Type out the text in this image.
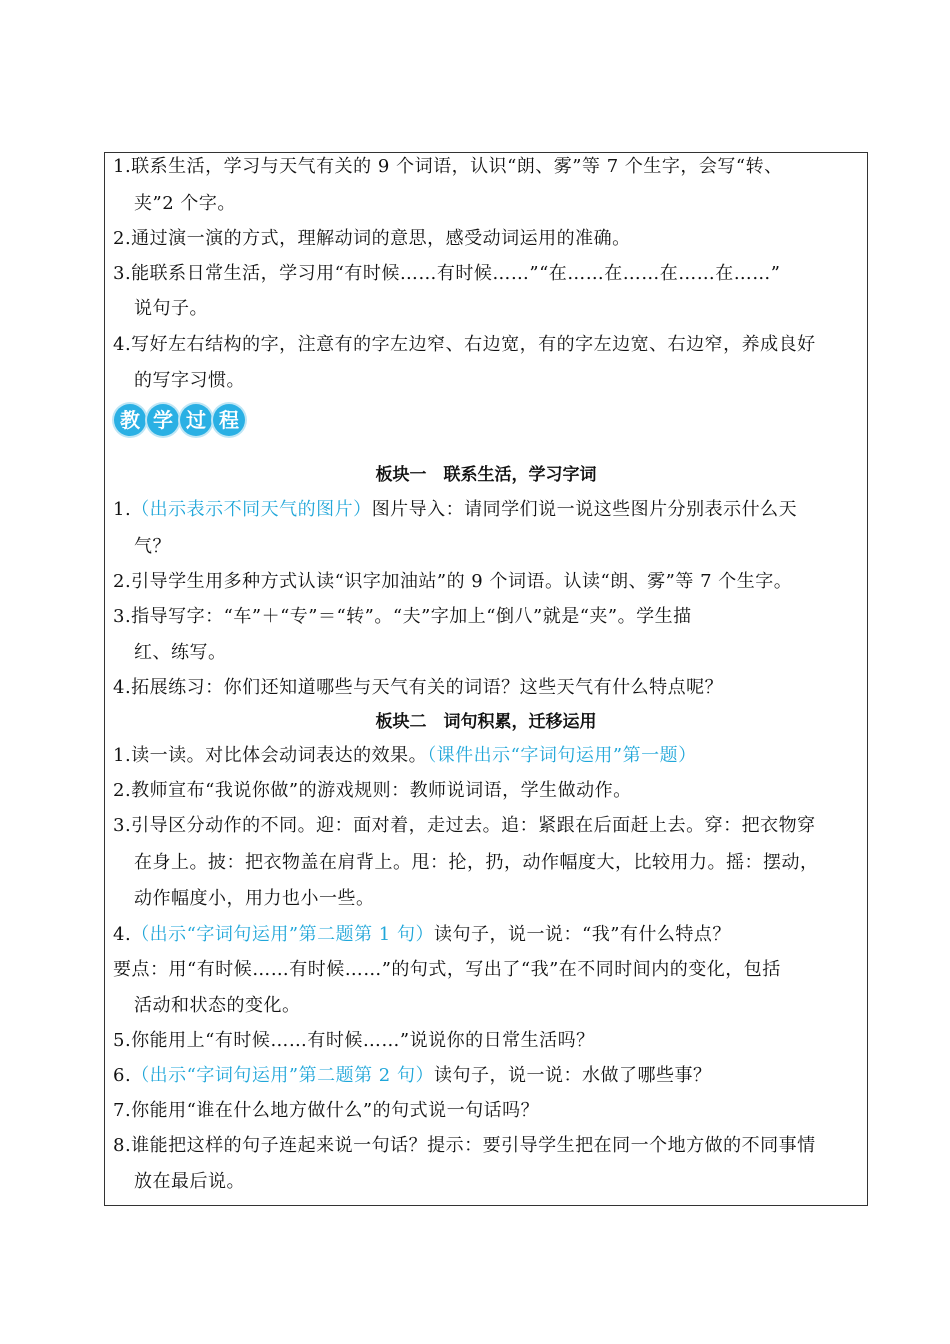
1.联系生活，学习与天气有关的 9 个词语，认识“朗、雾”等 7 个生字，会写“转、
夹”2 个字。
2.通过演一演的方式，理解动词的意思，感受动词运用的准确。
3.能联系日常生活，学习用“有时候……有时候……”“在……在……在……在……”
说句子。
4.写好左右结构的字，注意有的字左边窄、右边宽，有的字左边宽、右边窄，养成良好
的写字习惯。
教 学 过 程
板块一　联系生活，学习字词
1.（出示表示不同天气的图片）图片导入：请同学们说一说这些图片分别表示什么天
气？
2.引导学生用多种方式认读“识字加油站”的 9 个词语。认读“朗、雾”等 7 个生字。
3.指导写字：“车”＋“专”＝“转”。“夫”字加上“倒八”就是“夹”。学生描
红、练写。
4.拓展练习：你们还知道哪些与天气有关的词语？这些天气有什么特点呢？
板块二　词句积累，迁移运用
1.读一读。对比体会动词表达的效果。（课件出示“字词句运用”第一题）
2.教师宣布“我说你做”的游戏规则：教师说词语，学生做动作。
3.引导区分动作的不同。迎：面对着，走过去。追：紧跟在后面赶上去。穿：把衣物穿
在身上。披：把衣物盖在肩背上。甩：抡，扔，动作幅度大，比较用力。摇：摆动，
动作幅度小，用力也小一些。
4.（出示“字词句运用”第二题第 1 句）读句子，说一说：“我”有什么特点？
要点：用“有时候……有时候……”的句式，写出了“我”在不同时间内的变化，包括
活动和状态的变化。
5.你能用上“有时候……有时候……”说说你的日常生活吗？
6.（出示“字词句运用”第二题第 2 句）读句子，说一说：水做了哪些事？
7.你能用“谁在什么地方做什么”的句式说一句话吗？
8.谁能把这样的句子连起来说一句话？提示：要引导学生把在同一个地方做的不同事情
放在最后说。
